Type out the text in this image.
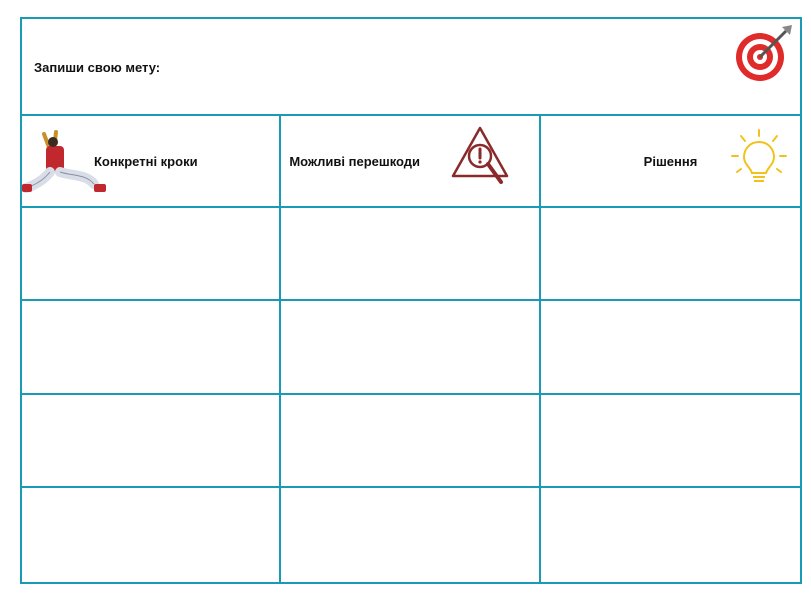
Запиши свою мету:
Конкретні кроки	Можливі перешкоди	Рішення
